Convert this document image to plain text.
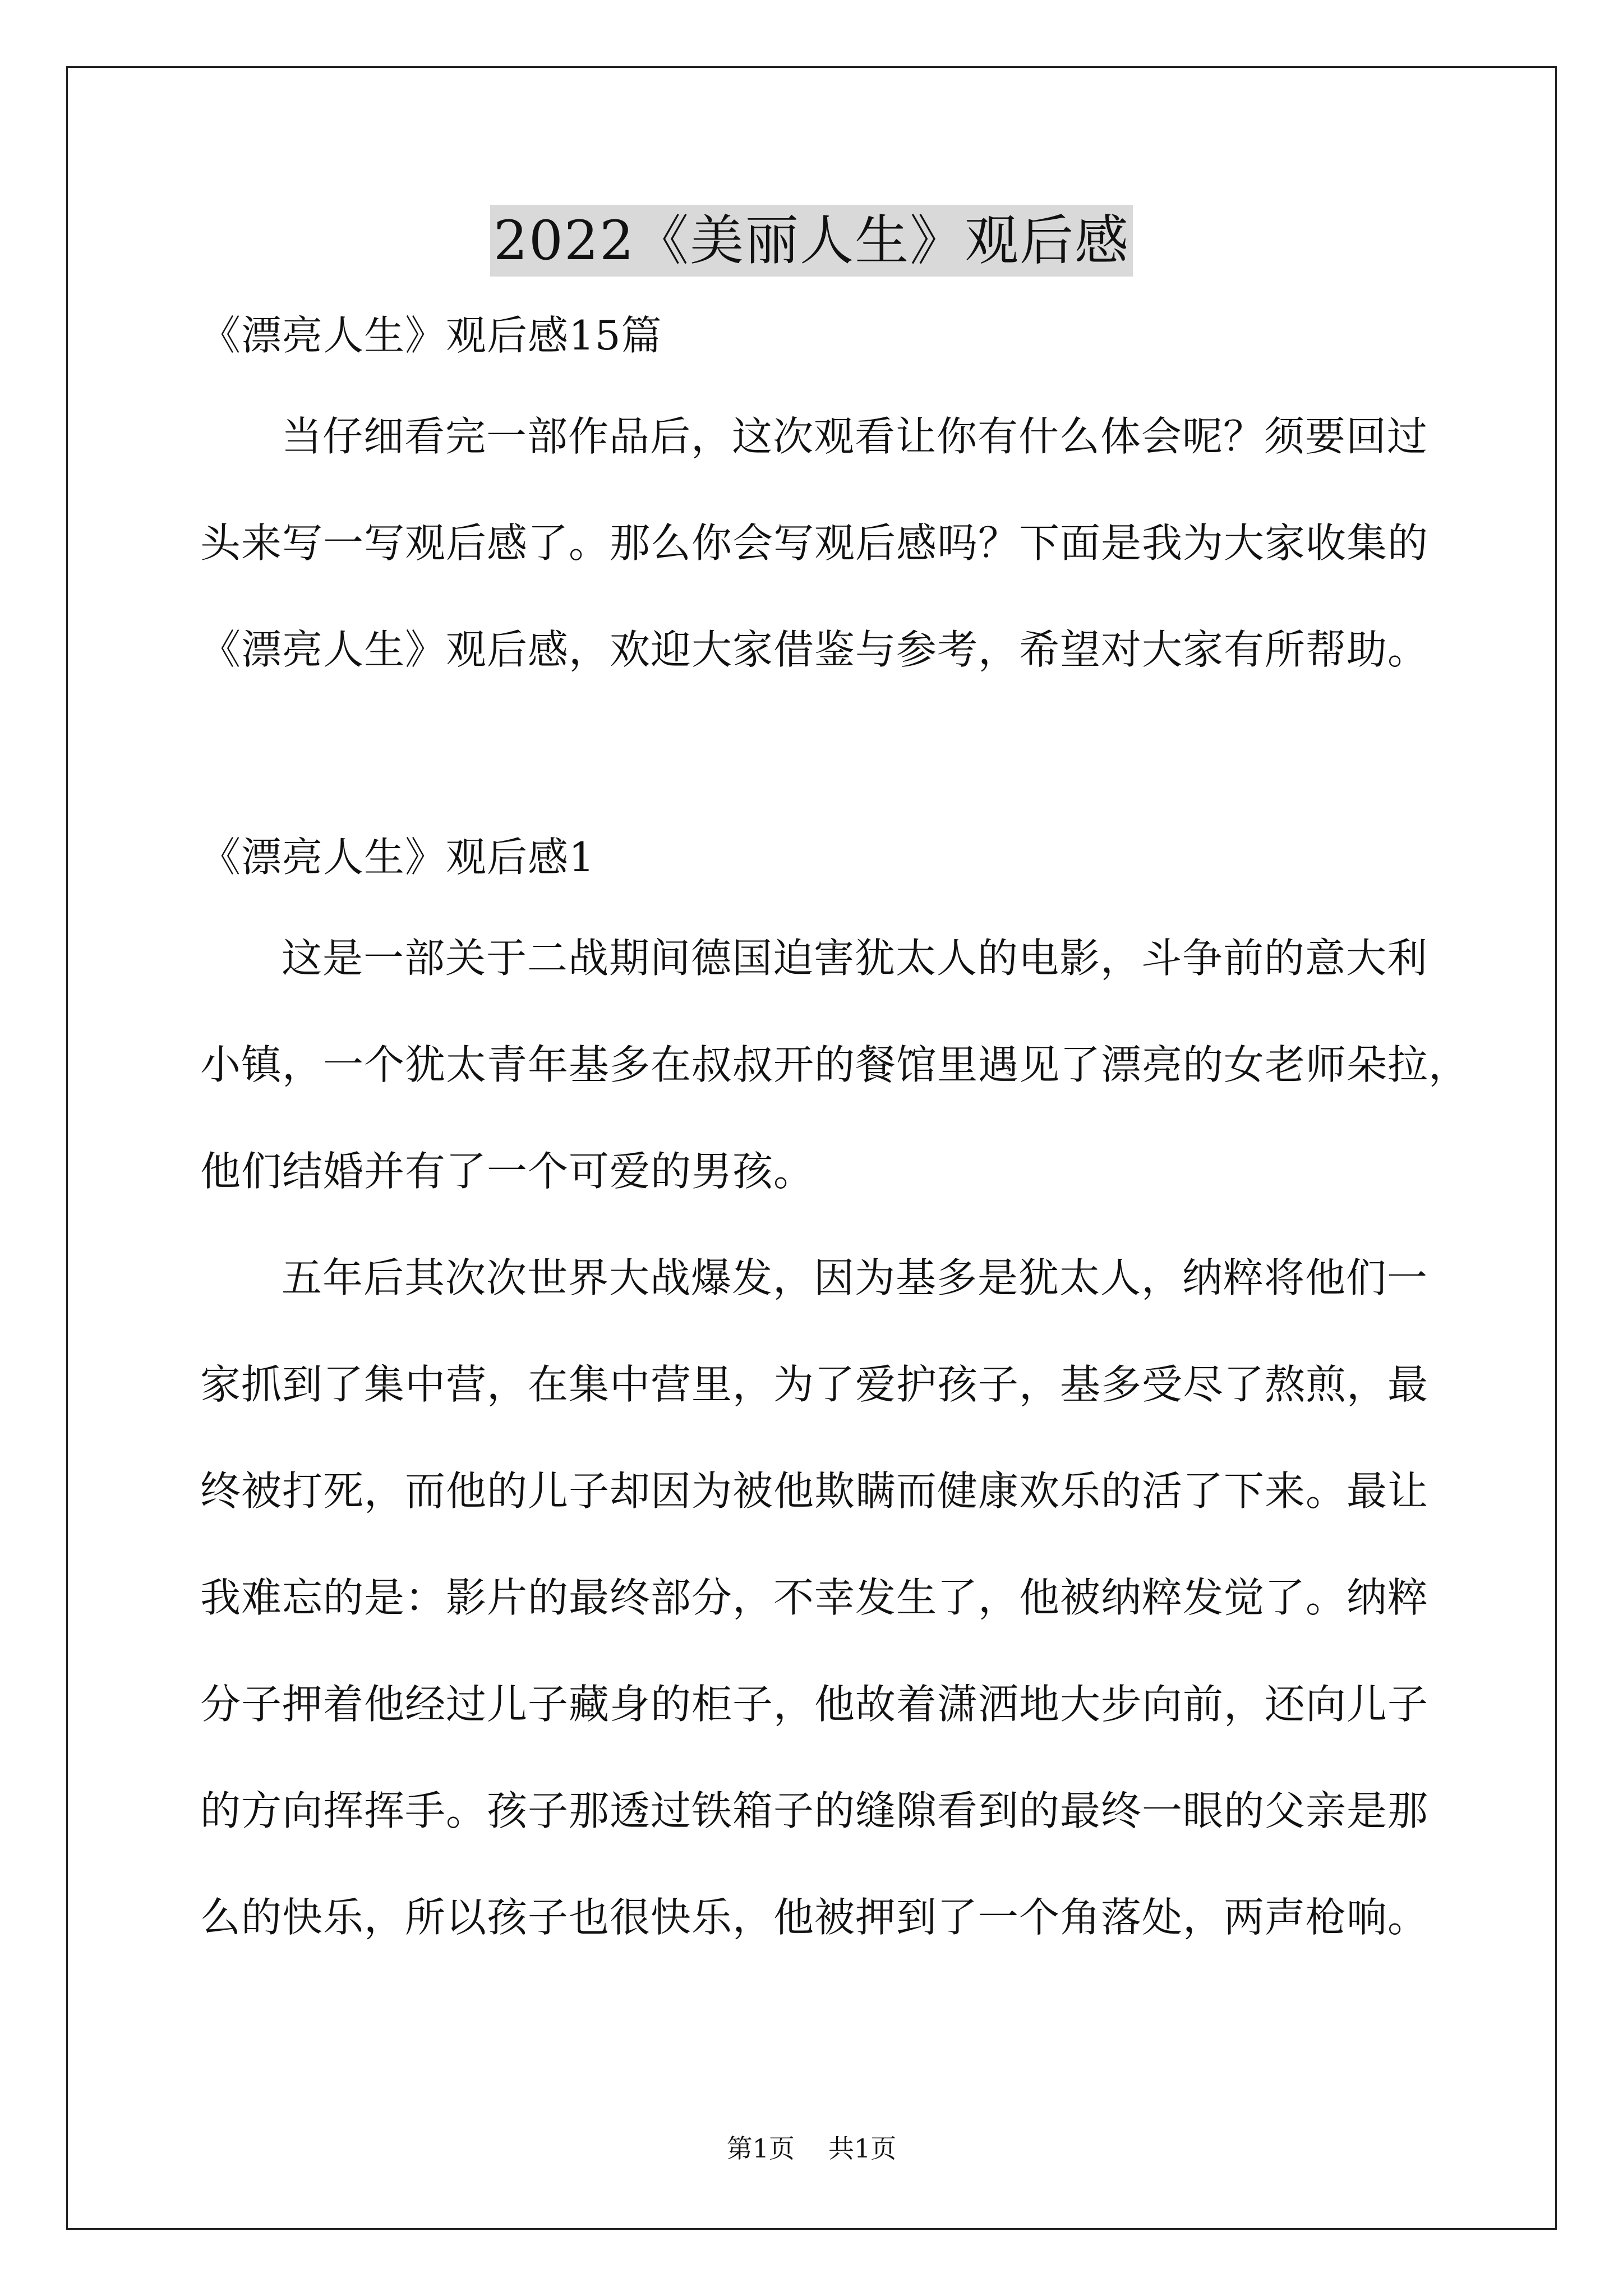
2022《美丽人生》观后感

《漂亮人生》观后感15篇

当仔细看完一部作品后，这次观看让你有什么体会呢？须要回过

头来写一写观后感了。那么你会写观后感吗？下面是我为大家收集的

《漂亮人生》观后感，欢迎大家借鉴与参考，希望对大家有所帮助。

《漂亮人生》观后感1

这是一部关于二战期间德国迫害犹太人的电影，斗争前的意大利

小镇，一个犹太青年基多在叔叔开的餐馆里遇见了漂亮的女老师朵拉，

他们结婚并有了一个可爱的男孩。

五年后其次次世界大战爆发，因为基多是犹太人，纳粹将他们一

家抓到了集中营，在集中营里，为了爱护孩子，基多受尽了熬煎，最

终被打死，而他的儿子却因为被他欺瞒而健康欢乐的活了下来。最让

我难忘的是：影片的最终部分，不幸发生了，他被纳粹发觉了。纳粹

分子押着他经过儿子藏身的柜子，他故着潇洒地大步向前，还向儿子

的方向挥挥手。孩子那透过铁箱子的缝隙看到的最终一眼的父亲是那

么的快乐，所以孩子也很快乐，他被押到了一个角落处，两声枪响。

第1页 共1页
